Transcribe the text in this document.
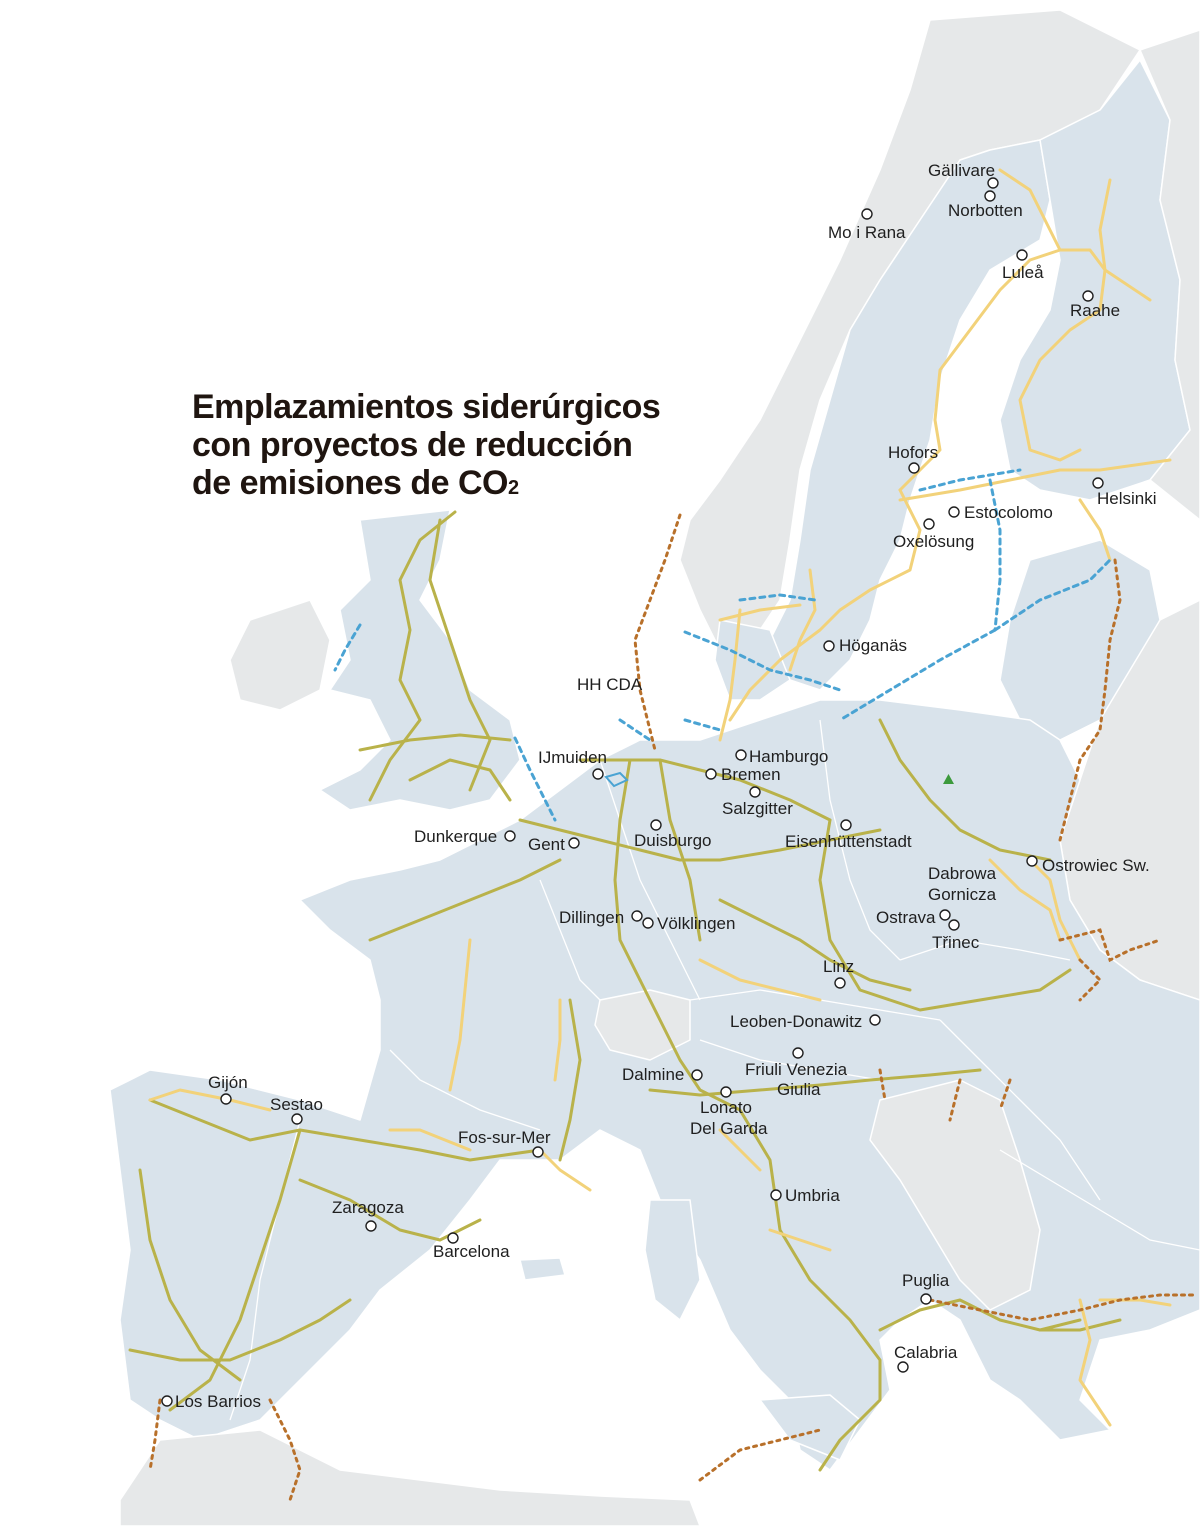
Gällivare
Norbotten
Mo i Rana
Luleå
Raahe
Hofors
Helsinki
Estocolomo
Oxelösung
Höganäs
HH CDA
IJmuiden	Hamburgo
Bremen
Salzgitter
Dunkerque Gent	Duisburgo	Eisenhüttenstadt
Dabrowa
Gornicza
Ostrowiec Sw.
Dillingen Völklingen	Ostrava
Třinec
Linz
Leoben-Donawitz
Friuli Venezia
Giulia
Dalmine
Lonato
Del Garda
Gijón
Sestao
Fos-sur-Mer
Zaragoza
Barcelona
Umbria
Puglia
Calabria
Los Barrios
Emplazamientos siderúrgicos
con proyectos de reducción
de emisiones de CO2
